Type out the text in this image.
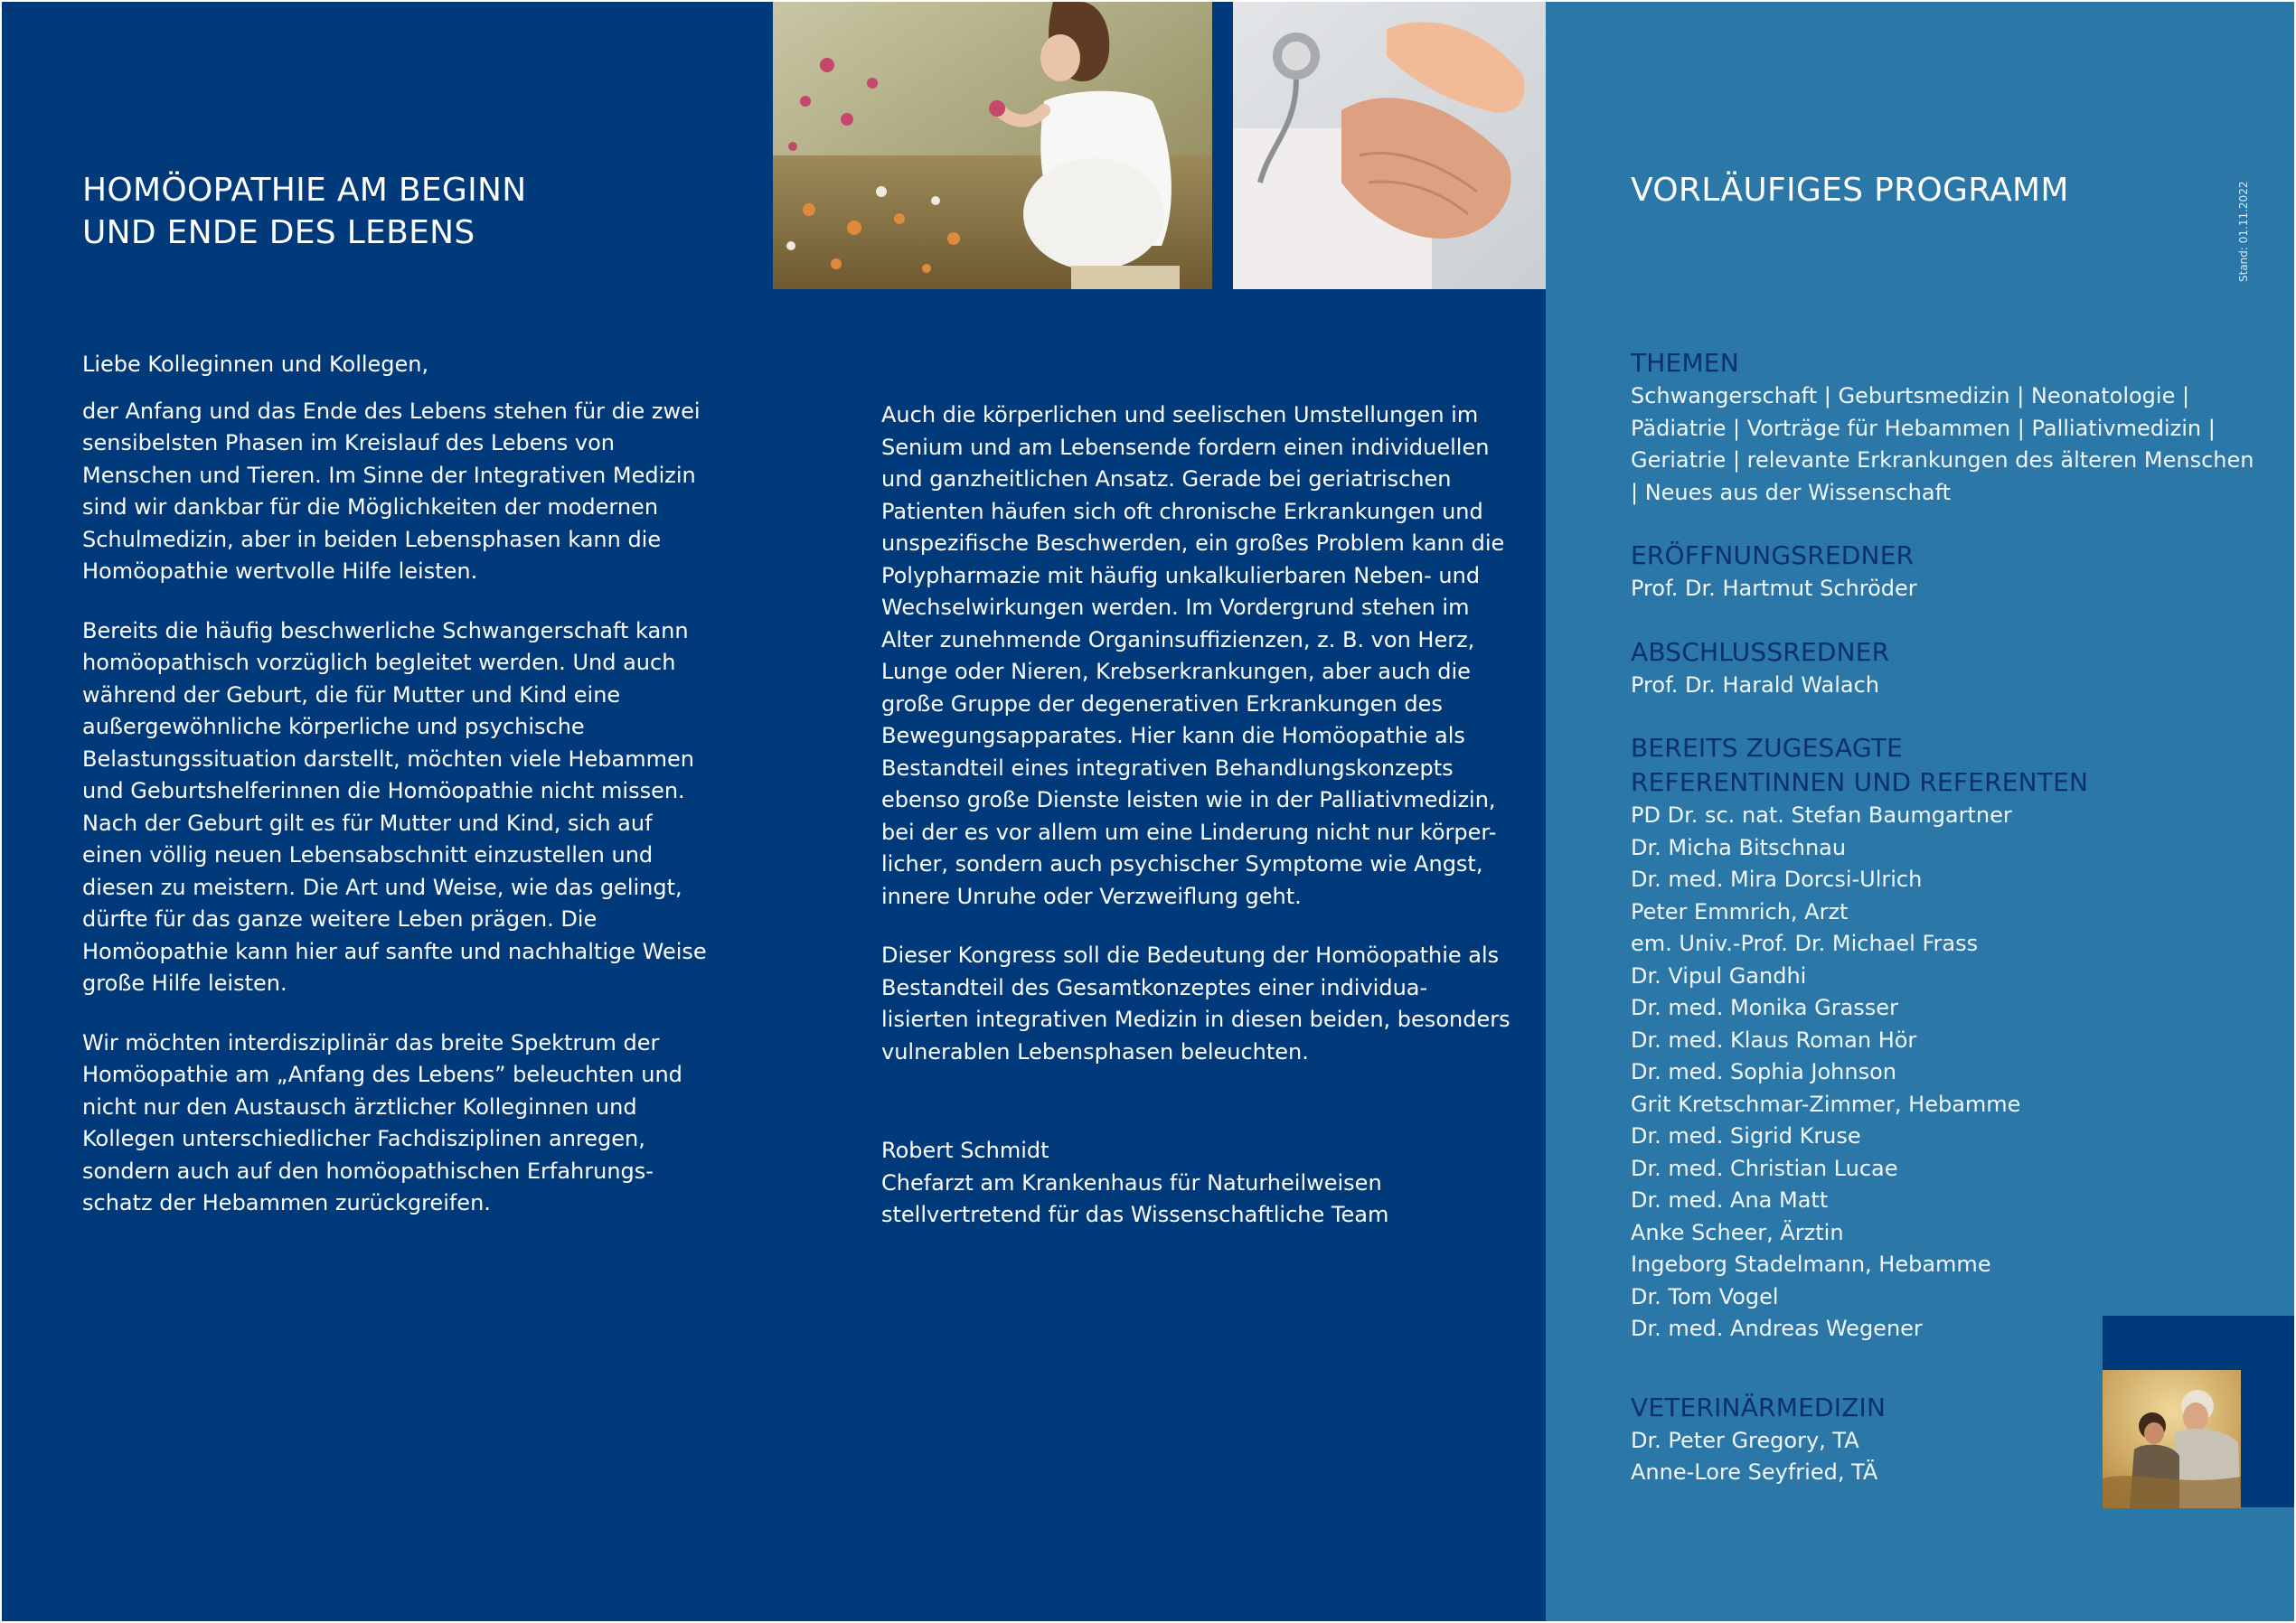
HOMÖOPATHIE AM BEGINN
UND ENDE DES LEBENS

Liebe Kolleginnen und Kollegen,

der Anfang und das Ende des Lebens stehen für die zwei sensibelsten Phasen im Kreislauf des Lebens von Menschen und Tieren. Im Sinne der Integrativen Medizin sind wir dankbar für die Möglichkeiten der modernen Schulmedizin, aber in beiden Lebensphasen kann die Homöopathie wertvolle Hilfe leisten.

Bereits die häufig beschwerliche Schwangerschaft kann homöopathisch vorzüglich begleitet werden. Und auch während der Geburt, die für Mutter und Kind eine außergewöhnliche körperliche und psychische Belastungssituation darstellt, möchten viele Hebammen und Geburtshelferinnen die Homöopathie nicht missen. Nach der Geburt gilt es für Mutter und Kind, sich auf einen völlig neuen Lebensabschnitt einzustellen und diesen zu meistern. Die Art und Weise, wie das gelingt, dürfte für das ganze weitere Leben prägen. Die Homöopathie kann hier auf sanfte und nachhaltige Weise große Hilfe leisten.

Wir möchten interdisziplinär das breite Spektrum der Homöopathie am „Anfang des Lebens” beleuchten und nicht nur den Austausch ärztlicher Kolleginnen und Kollegen unterschiedlicher Fachdisziplinen anregen, sondern auch auf den homöopathischen Erfahrungs- schatz der Hebammen zurückgreifen.

Auch die körperlichen und seelischen Umstellungen im Senium und am Lebensende fordern einen individuellen und ganzheitlichen Ansatz. Gerade bei geriatrischen Patienten häufen sich oft chronische Erkrankungen und unspezifische Beschwerden, ein großes Problem kann die Polypharmazie mit häufig unkalkulierbaren Neben- und Wechselwirkungen werden. Im Vordergrund stehen im Alter zunehmende Organinsuffizienzen, z. B. von Herz, Lunge oder Nieren, Krebserkrankungen, aber auch die große Gruppe der degenerativen Erkrankungen des Bewegungsapparates. Hier kann die Homöopathie als Bestandteil eines integrativen Behandlungskonzepts ebenso große Dienste leisten wie in der Palliativmedizin, bei der es vor allem um eine Linderung nicht nur körper- licher, sondern auch psychischer Symptome wie Angst, innere Unruhe oder Verzweiflung geht.

Dieser Kongress soll die Bedeutung der Homöopathie als Bestandteil des Gesamtkonzeptes einer individua- lisierten integrativen Medizin in diesen beiden, besonders vulnerablen Lebensphasen beleuchten.

Robert Schmidt
Chefarzt am Krankenhaus für Naturheilweisen
stellvertretend für das Wissenschaftliche Team

VORLÄUFIGES PROGRAMM	Stand: 01.11.2022
THEMEN

Schwangerschaft | Geburtsmedizin | Neonatologie | Pädiatrie | Vorträge für Hebammen | Palliativmedizin | Geriatrie | relevante Erkrankungen des älteren Menschen | Neues aus der Wissenschaft

ERÖFFNUNGSREDNER

Prof. Dr. Hartmut Schröder

ABSCHLUSSREDNER

Prof. Dr. Harald Walach

BEREITS ZUGESAGTE
REFERENTINNEN UND REFERENTEN
PD Dr. sc. nat. Stefan Baumgartner
Dr. Micha Bitschnau
Dr. med. Mira Dorcsi-Ulrich
Peter Emmrich, Arzt
em. Univ.-Prof. Dr. Michael Frass
Dr. Vipul Gandhi
Dr. med. Monika Grasser
Dr. med. Klaus Roman Hör
Dr. med. Sophia Johnson
Grit Kretschmar-Zimmer, Hebamme
Dr. med. Sigrid Kruse
Dr. med. Christian Lucae
Dr. med. Ana Matt
Anke Scheer, Ärztin
Ingeborg Stadelmann, Hebamme
Dr. Tom Vogel
Dr. med. Andreas Wegener
VETERINÄRMEDIZIN
Dr. Peter Gregory, TA
Anne-Lore Seyfried, TÄ
